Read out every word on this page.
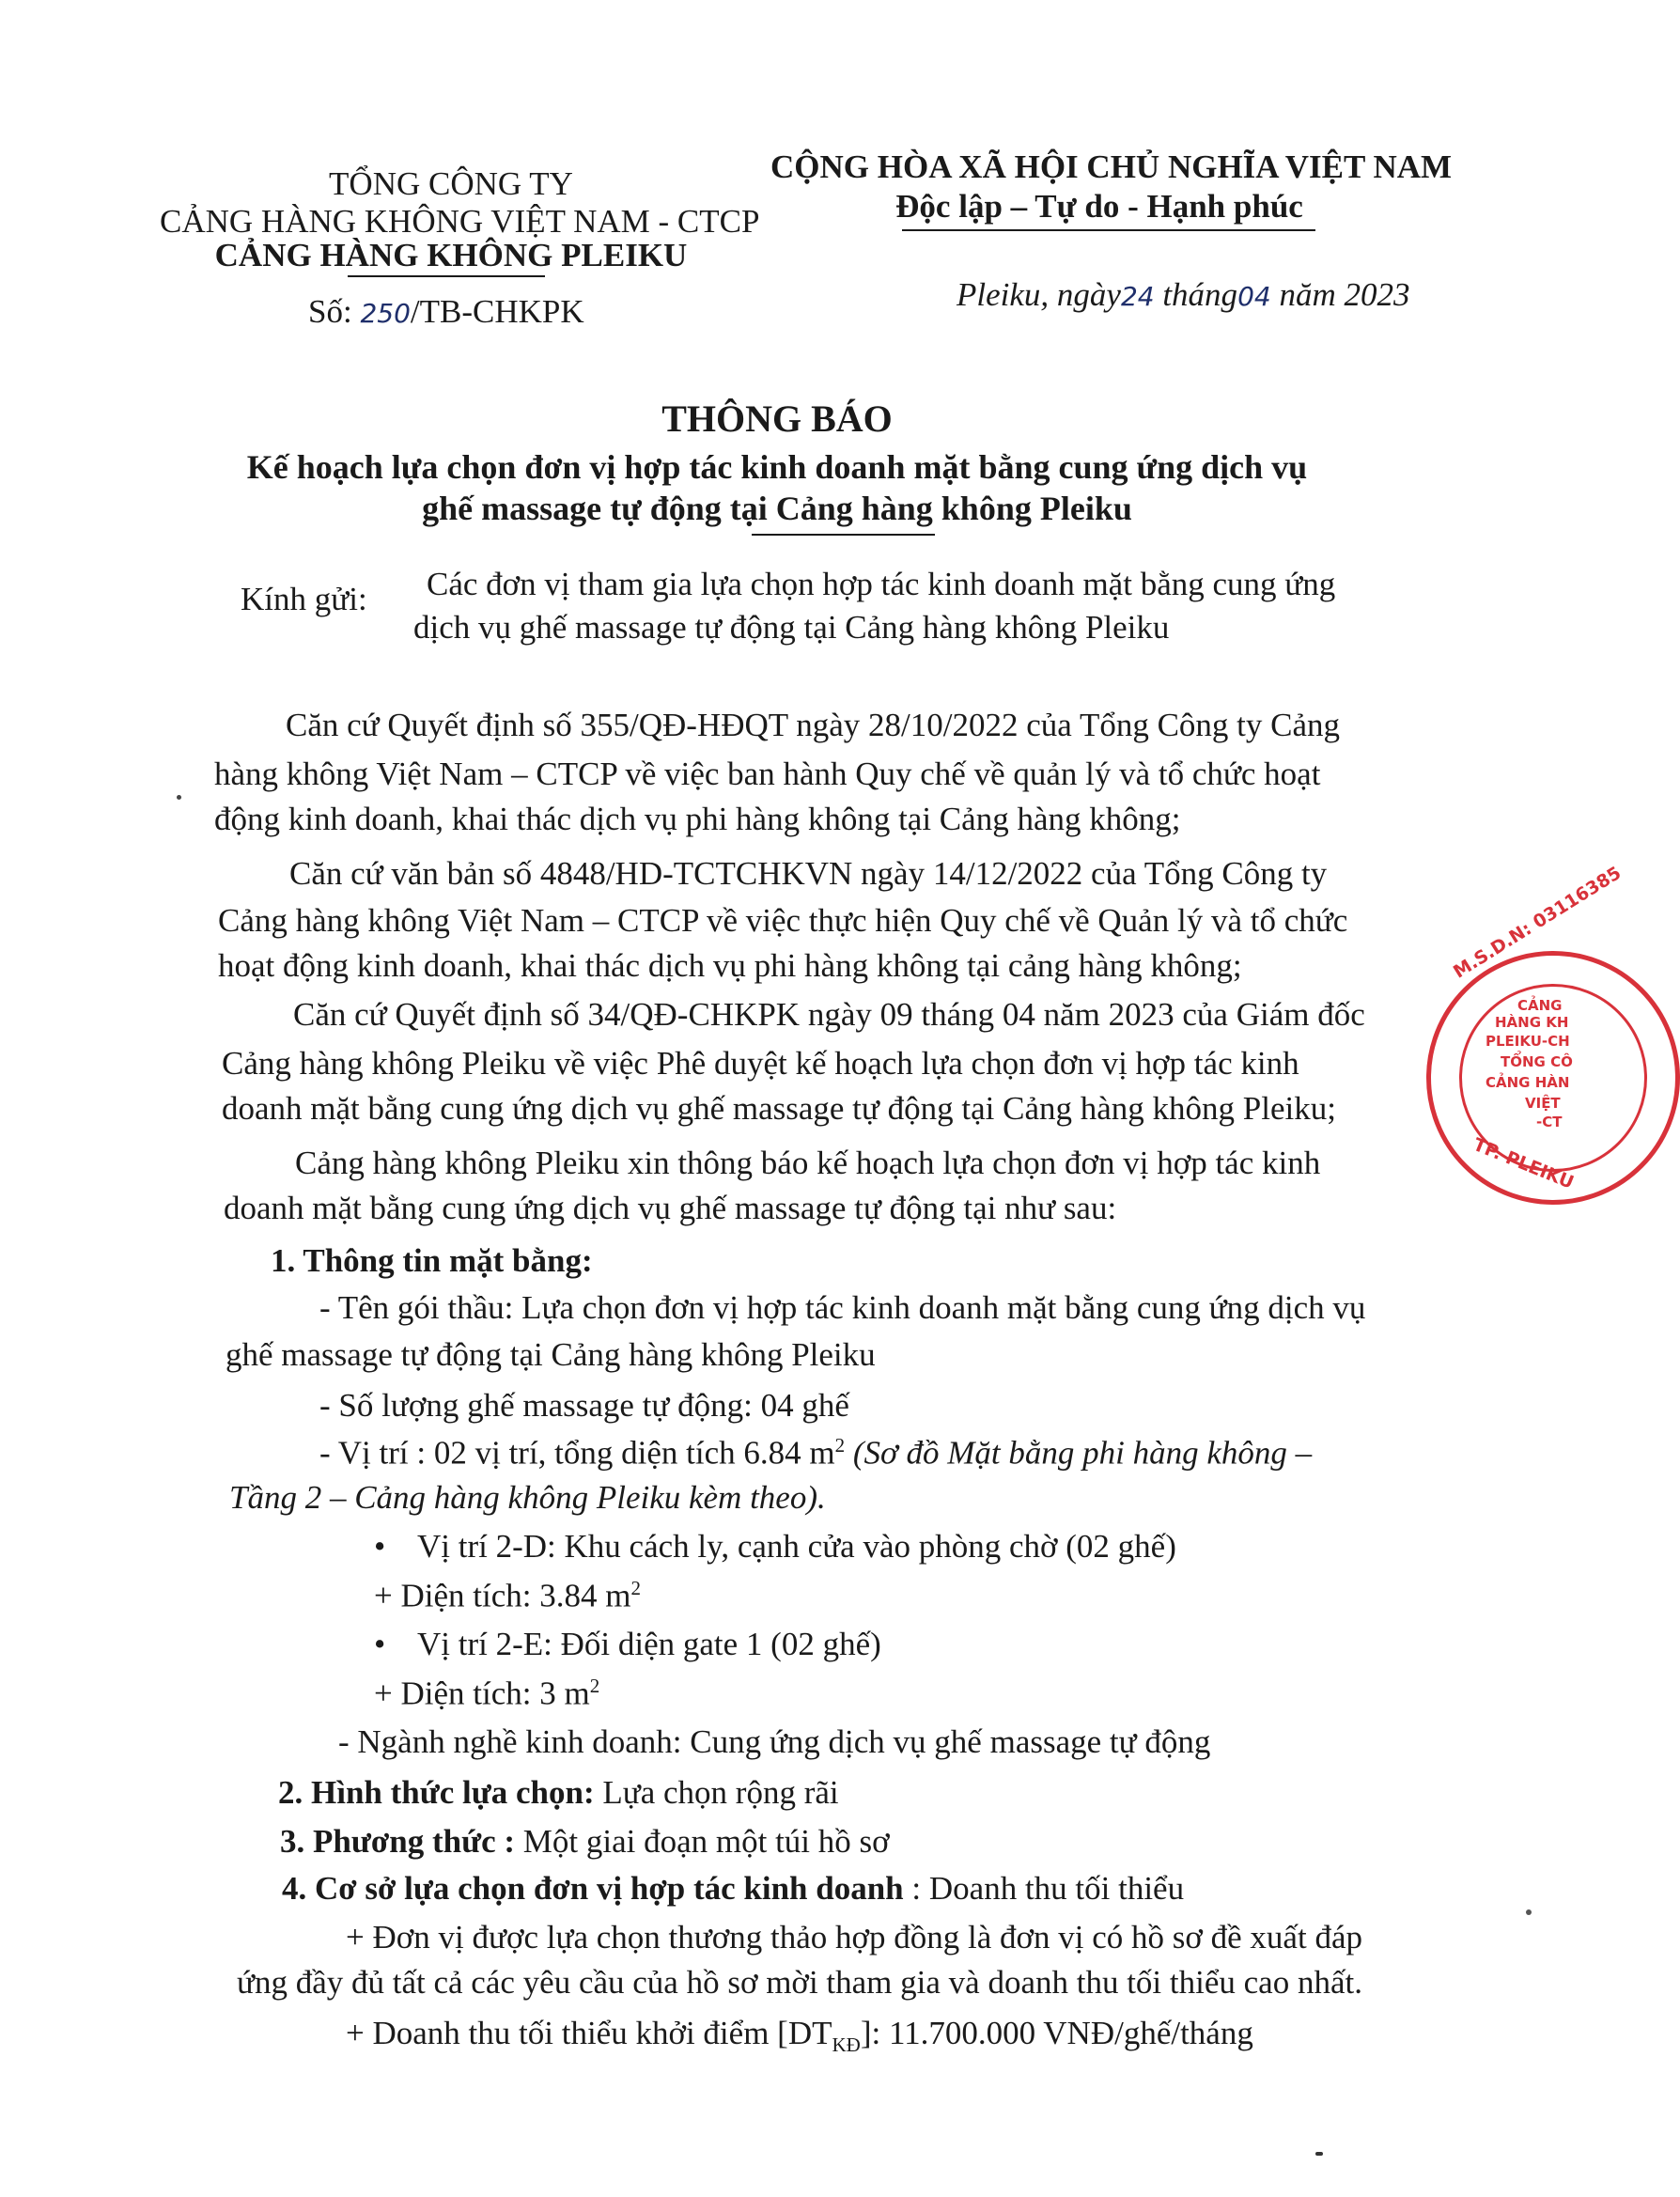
TỔNG CÔNG TY
CẢNG HÀNG KHÔNG VIỆT NAM - CTCP
CẢNG HÀNG KHÔNG PLEIKU
Số: 250/TB-CHKPK
CỘNG HÒA XÃ HỘI CHỦ NGHĨA VIỆT NAM
Độc lập – Tự do - Hạnh phúc
Pleiku, ngày24 tháng04 năm 2023
THÔNG BÁO
Kế hoạch lựa chọn đơn vị hợp tác kinh doanh mặt bằng cung ứng dịch vụ
ghế massage tự động tại Cảng hàng không Pleiku
Kính gửi: Các đơn vị tham gia lựa chọn hợp tác kinh doanh mặt bằng cung ứng
dịch vụ ghế massage tự động tại Cảng hàng không Pleiku
Căn cứ Quyết định số 355/QĐ-HĐQT ngày 28/10/2022 của Tổng Công ty Cảng
hàng không Việt Nam – CTCP về việc ban hành Quy chế về quản lý và tổ chức hoạt
động kinh doanh, khai thác dịch vụ phi hàng không tại Cảng hàng không;
Căn cứ văn bản số 4848/HD-TCTCHKVN ngày 14/12/2022 của Tổng Công ty
Cảng hàng không Việt Nam – CTCP về việc thực hiện Quy chế về Quản lý và tổ chức
hoạt động kinh doanh, khai thác dịch vụ phi hàng không tại cảng hàng không;
Căn cứ Quyết định số 34/QĐ-CHKPK ngày 09 tháng 04 năm 2023 của Giám đốc
Cảng hàng không Pleiku về việc Phê duyệt kế hoạch lựa chọn đơn vị hợp tác kinh
doanh mặt bằng cung ứng dịch vụ ghế massage tự động tại Cảng hàng không Pleiku;
Cảng hàng không Pleiku xin thông báo kế hoạch lựa chọn đơn vị hợp tác kinh
doanh mặt bằng cung ứng dịch vụ ghế massage tự động tại như sau:
1. Thông tin mặt bằng:
- Tên gói thầu: Lựa chọn đơn vị hợp tác kinh doanh mặt bằng cung ứng dịch vụ
ghế massage tự động tại Cảng hàng không Pleiku
- Số lượng ghế massage tự động: 04 ghế
- Vị trí : 02 vị trí, tổng diện tích 6.84 $m^2$ (Sơ đồ Mặt bằng phi hàng không –
Tầng 2 – Cảng hàng không Pleiku kèm theo).
• Vị trí 2-D: Khu cách ly, cạnh cửa vào phòng chờ (02 ghế)
+ Diện tích: 3.84 $m^2$
• Vị trí 2-E: Đối diện gate 1 (02 ghế)
+ Diện tích: 3 $m^2$
- Ngành nghề kinh doanh: Cung ứng dịch vụ ghế massage tự động
2. Hình thức lựa chọn: Lựa chọn rộng rãi
3. Phương thức : Một giai đoạn một túi hồ sơ
4. Cơ sở lựa chọn đơn vị hợp tác kinh doanh : Doanh thu tối thiểu
+ Đơn vị được lựa chọn thương thảo hợp đồng là đơn vị có hồ sơ đề xuất đáp
ứng đầy đủ tất cả các yêu cầu của hồ sơ mời tham gia và doanh thu tối thiểu cao nhất.
+ Doanh thu tối thiểu khởi điểm $[DT_{KĐ}]$: 11.700.000 VNĐ/ghế/tháng
M.S.D.N: 03116385
CẢNG
HÀNG KH
PLEIKU-CH
TỔNG CÔ
CẢNG HÀN
VIỆT
-CT
TP. PLEIKU
